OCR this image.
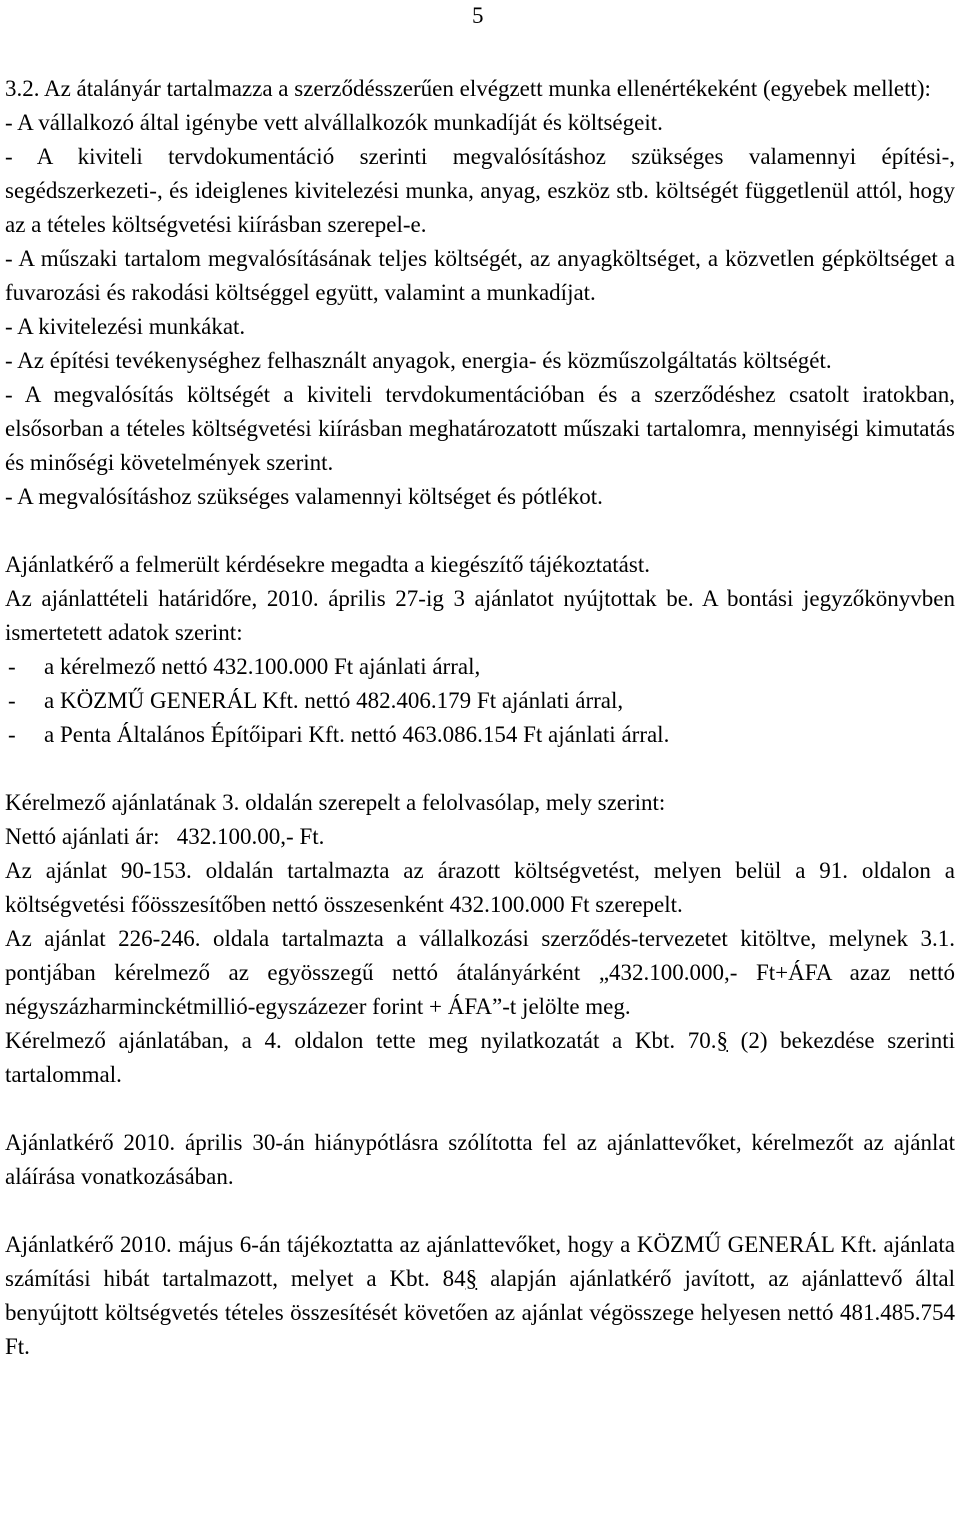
5

3.2. Az átalányár tartalmazza a szerződésszerűen elvégzett munka ellenértékeként (egyebek mellett):

- A vállalkozó által igénybe vett alvállalkozók munkadíját és költségeit.

- A kiviteli tervdokumentáció szerinti megvalósításhoz szükséges valamennyi építési-, segédszerkezeti-, és ideiglenes kivitelezési munka, anyag, eszköz stb. költségét függetlenül attól, hogy az a tételes költségvetési kiírásban szerepel-e.

- A műszaki tartalom megvalósításának teljes költségét, az anyagköltséget, a közvetlen gépköltséget a fuvarozási és rakodási költséggel együtt, valamint a munkadíjat.

- A kivitelezési munkákat.

- Az építési tevékenységhez felhasznált anyagok, energia- és közműszolgáltatás költségét.

- A megvalósítás költségét a kiviteli tervdokumentációban és a szerződéshez csatolt iratokban, elsősorban a tételes költségvetési kiírásban meghatározatott műszaki tartalomra, mennyiségi kimutatás és minőségi követelmények szerint.

- A megvalósításhoz szükséges valamennyi költséget és pótlékot.

Ajánlatkérő a felmerült kérdésekre megadta a kiegészítő tájékoztatást.

Az ajánlattételi határidőre, 2010. április 27-ig 3 ajánlatot nyújtottak be. A bontási jegyzőkönyvben ismertetett adatok szerint:

-	a kérelmező nettó 432.100.000 Ft ajánlati árral,
-	a KÖZMŰ GENERÁL Kft. nettó 482.406.179 Ft ajánlati árral,
-	a Penta Általános Építőipari Kft. nettó 463.086.154 Ft ajánlati árral.

Kérelmező ajánlatának 3. oldalán szerepelt a felolvasólap, mely szerint:

Nettó ajánlati ár:   432.100.00,- Ft.

Az ajánlat 90-153. oldalán tartalmazta az árazott költségvetést, melyen belül a 91. oldalon a költségvetési főösszesítőben nettó összesenként 432.100.000 Ft szerepelt.

Az ajánlat 226-246. oldala tartalmazta a vállalkozási szerződés-tervezetet kitöltve, melynek 3.1. pontjában kérelmező az egyösszegű nettó átalányárként „432.100.000,- Ft+ÁFA azaz nettó négyszázharminckétmillió-egyszázezer forint + ÁFA”-t jelölte meg.

Kérelmező ajánlatában, a 4. oldalon tette meg nyilatkozatát a Kbt. 70.§ (2) bekezdése szerinti tartalommal.

Ajánlatkérő 2010. április 30-án hiánypótlásra szólította fel az ajánlattevőket, kérelmezőt az ajánlat aláírása vonatkozásában.

Ajánlatkérő 2010. május 6-án tájékoztatta az ajánlattevőket, hogy a KÖZMŰ GENERÁL Kft. ajánlata számítási hibát tartalmazott, melyet a Kbt. 84§ alapján ajánlatkérő javított, az ajánlattevő által benyújtott költségvetés tételes összesítését követően az ajánlat végösszege helyesen nettó 481.485.754 Ft.
